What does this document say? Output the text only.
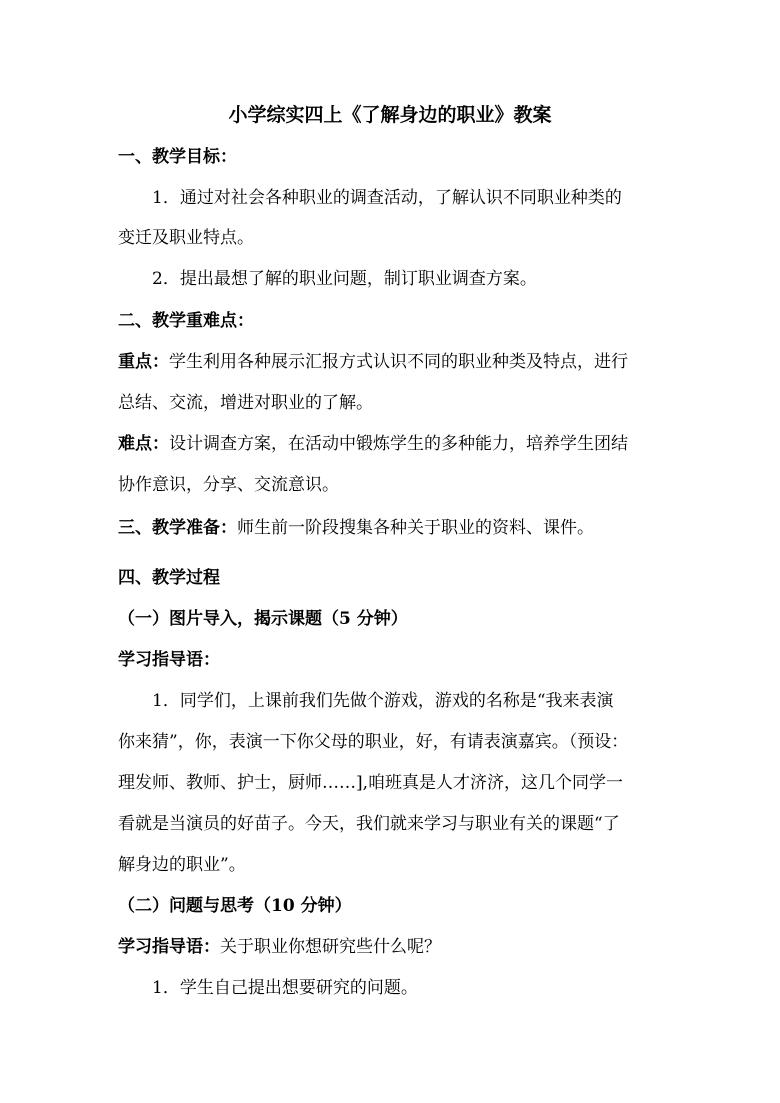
小学综实四上《了解身边的职业》教案
一、教学目标：
1．通过对社会各种职业的调查活动，了解认识不同职业种类的
变迁及职业特点。
2．提出最想了解的职业问题，制订职业调查方案。
二、教学重难点：
重点：学生利用各种展示汇报方式认识不同的职业种类及特点，进行
总结、交流，增进对职业的了解。
难点：设计调查方案，在活动中锻炼学生的多种能力，培养学生团结
协作意识，分享、交流意识。
三、教学准备：师生前一阶段搜集各种关于职业的资料、课件。
四、教学过程
（一）图片导入，揭示课题（5 分钟）
学习指导语：
1．同学们，上课前我们先做个游戏，游戏的名称是“我来表演
你来猜”，你，表演一下你父母的职业，好，有请表演嘉宾。（预设：
理发师、教师、护士，厨师……],咱班真是人才济济，这几个同学一
看就是当演员的好苗子。今天，我们就来学习与职业有关的课题“了
解身边的职业”。
（二）问题与思考（10 分钟）
学习指导语：关于职业你想研究些什么呢？
1．学生自己提出想要研究的问题。
